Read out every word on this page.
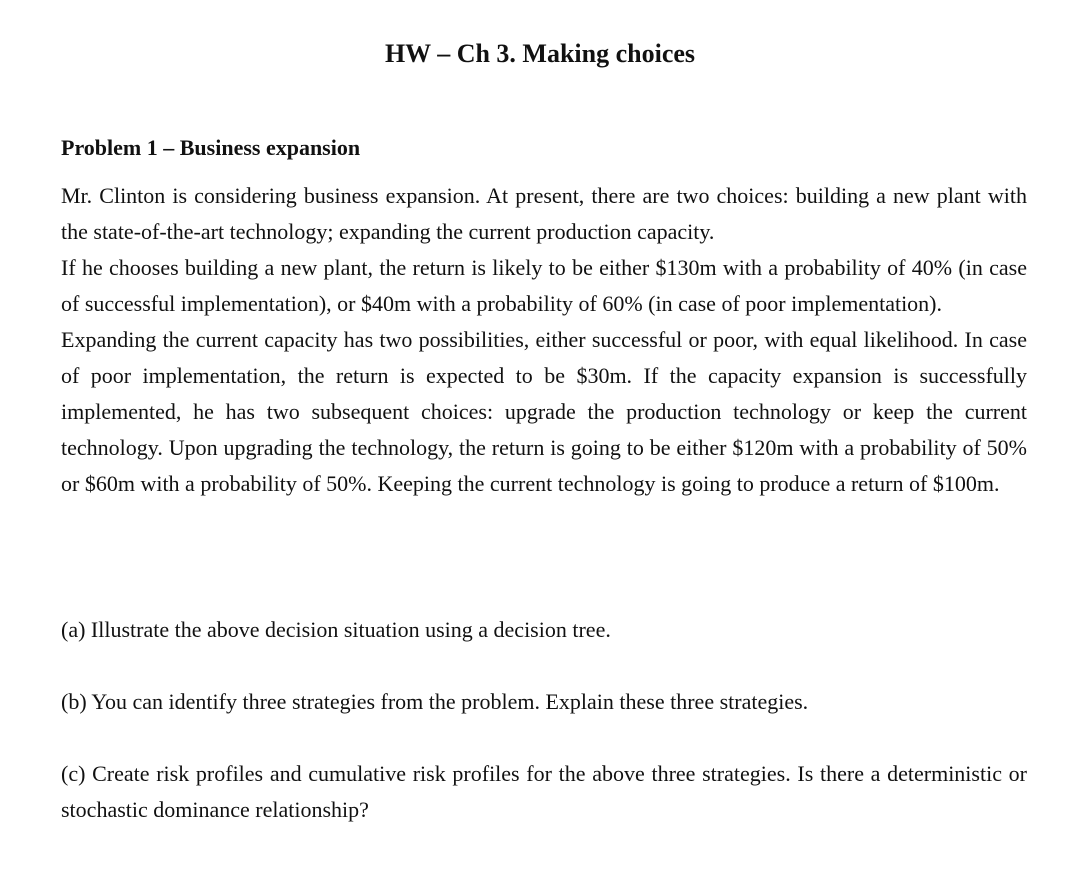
HW – Ch 3. Making choices
Problem 1 – Business expansion

Mr. Clinton is considering business expansion. At present, there are two choices: building a new plant with the state-of-the-art technology; expanding the current production capacity.

If he chooses building a new plant, the return is likely to be either $130m with a probability of 40% (in case of successful implementation), or $40m with a probability of 60% (in case of poor implementation).

Expanding the current capacity has two possibilities, either successful or poor, with equal likelihood. In case of poor implementation, the return is expected to be $30m. If the capacity expansion is successfully implemented, he has two subsequent choices: upgrade the production technology or keep the current technology. Upon upgrading the technology, the return is going to be either $120m with a probability of 50% or $60m with a probability of 50%. Keeping the current technology is going to produce a return of $100m.

(a) Illustrate the above decision situation using a decision tree.

(b) You can identify three strategies from the problem. Explain these three strategies.

(c) Create risk profiles and cumulative risk profiles for the above three strategies. Is there a deterministic or stochastic dominance relationship?
